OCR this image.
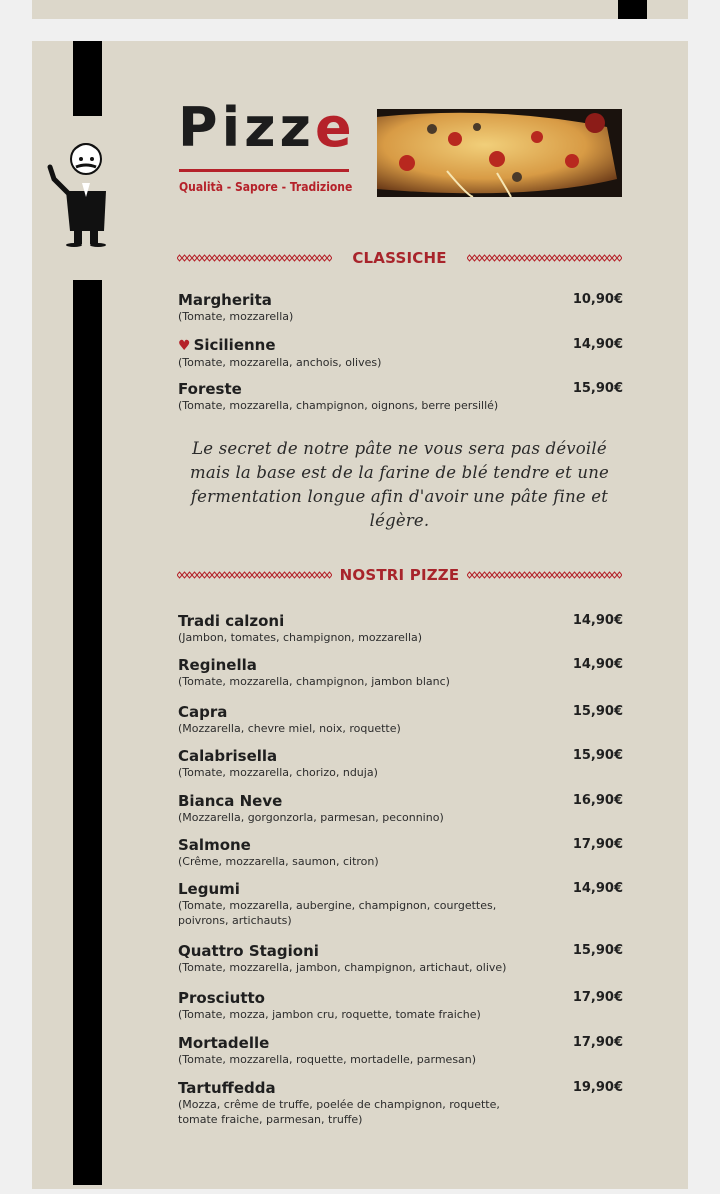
Pizze
Qualità - Sapore - Tradizione
CLASSICHE
Margherita
(Tomate, mozzarella)
10,90€
♥ Sicilienne
(Tomate, mozzarella, anchois, olives)
14,90€
Foreste
(Tomate, mozzarella, champignon, oignons, berre persillé)
15,90€
Le secret de notre pâte ne vous sera pas dévoilé mais la base est de la farine de blé tendre et une fermentation longue afin d'avoir une pâte fine et légère.
NOSTRI PIZZE
Tradi calzoni
(Jambon, tomates, champignon, mozzarella)
14,90€
Reginella
(Tomate, mozzarella, champignon, jambon blanc)
14,90€
Capra
(Mozzarella, chevre miel, noix, roquette)
15,90€
Calabrisella
(Tomate, mozzarella, chorizo, nduja)
15,90€
Bianca Neve
(Mozzarella, gorgonzorla, parmesan, peconnino)
16,90€
Salmone
(Crême, mozzarella, saumon, citron)
17,90€
Legumi
(Tomate, mozzarella, aubergine, champignon, courgettes, poivrons, artichauts)
14,90€
Quattro Stagioni
(Tomate, mozzarella, jambon, champignon, artichaut, olive)
15,90€
Prosciutto
(Tomate, mozza, jambon cru, roquette, tomate fraiche)
17,90€
Mortadelle
(Tomate, mozzarella, roquette, mortadelle, parmesan)
17,90€
Tartuffedda
(Mozza, crême de truffe, poelée de champignon, roquette, tomate fraiche, parmesan, truffe)
19,90€
